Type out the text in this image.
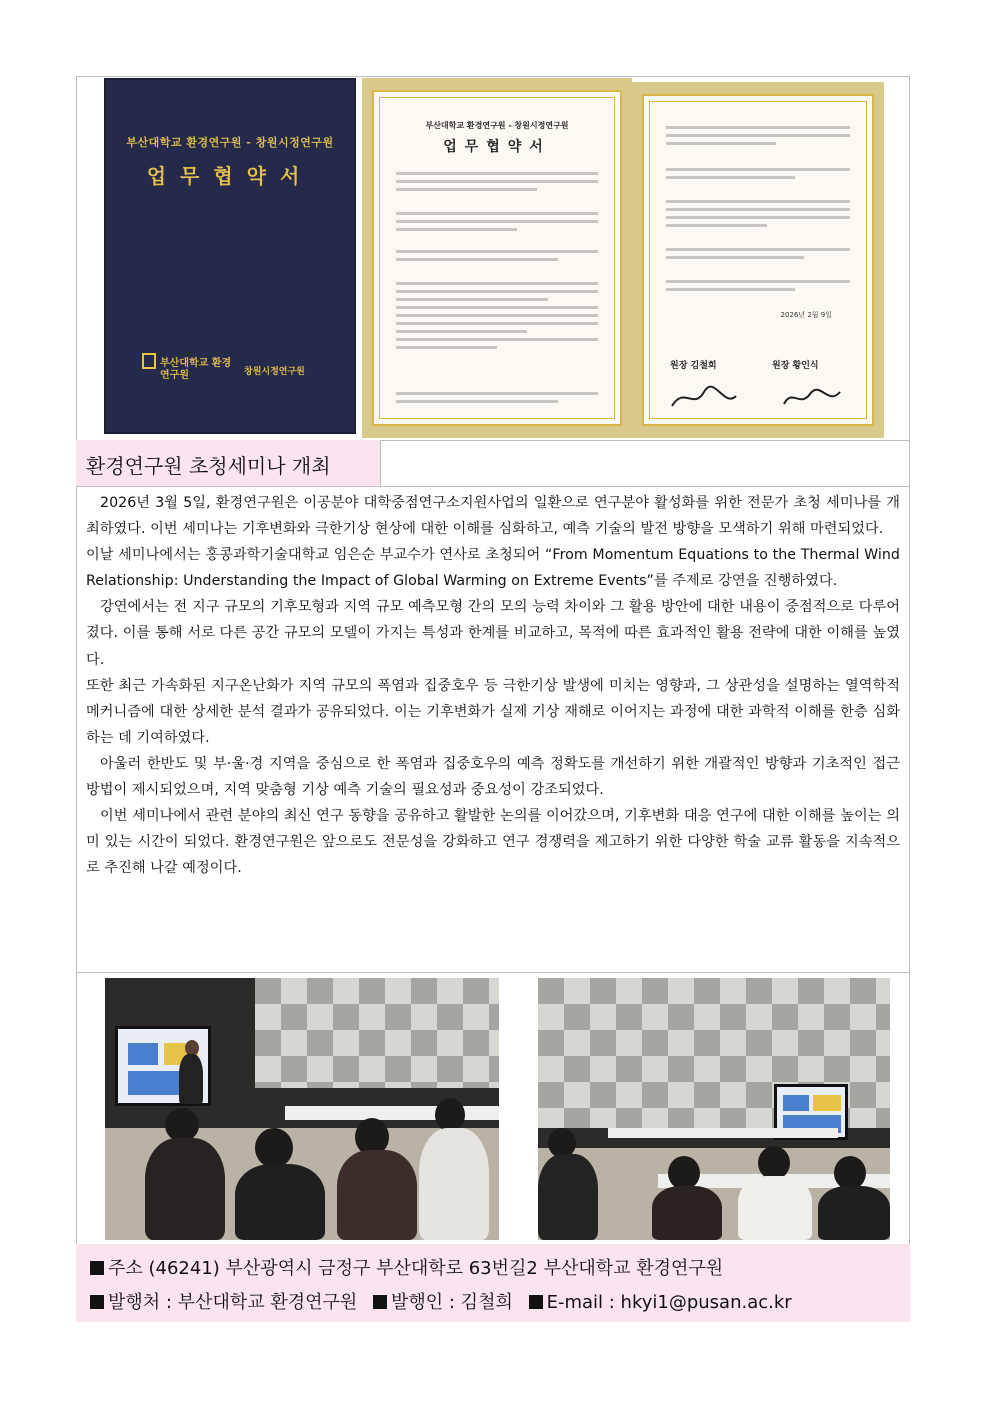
부산대학교 환경연구원 - 창원시정연구원
업무협약서
부산대학교 환경연구원	창원시정연구원
부산대학교 환경연구원 - 창원시정연구원
업무협약서
2026년 2월 9일
원장 김철희	원장 황인식
환경연구원 초청세미나 개최

2026년 3월 5일, 환경연구원은 이공분야 대학중점연구소지원사업의 일환으로 연구분야 활성화를 위한 전문가 초청 세미나를 개최하였다. 이번 세미나는 기후변화와 극한기상 현상에 대한 이해를 심화하고, 예측 기술의 발전 방향을 모색하기 위해 마련되었다.

이날 세미나에서는 홍콩과학기술대학교 임은순 부교수가 연사로 초청되어 “From Momentum Equations to the Thermal Wind Relationship: Understanding the Impact of Global Warming on Extreme Events”를 주제로 강연을 진행하였다.

강연에서는 전 지구 규모의 기후모형과 지역 규모 예측모형 간의 모의 능력 차이와 그 활용 방안에 대한 내용이 중점적으로 다루어졌다. 이를 통해 서로 다른 공간 규모의 모델이 가지는 특성과 한계를 비교하고, 목적에 따른 효과적인 활용 전략에 대한 이해를 높였다.

또한 최근 가속화된 지구온난화가 지역 규모의 폭염과 집중호우 등 극한기상 발생에 미치는 영향과, 그 상관성을 설명하는 열역학적 메커니즘에 대한 상세한 분석 결과가 공유되었다. 이는 기후변화가 실제 기상 재해로 이어지는 과정에 대한 과학적 이해를 한층 심화하는 데 기여하였다.

아울러 한반도 및 부·울·경 지역을 중심으로 한 폭염과 집중호우의 예측 정확도를 개선하기 위한 개괄적인 방향과 기초적인 접근 방법이 제시되었으며, 지역 맞춤형 기상 예측 기술의 필요성과 중요성이 강조되었다.

이번 세미나에서 관련 분야의 최신 연구 동향을 공유하고 활발한 논의를 이어갔으며, 기후변화 대응 연구에 대한 이해를 높이는 의미 있는 시간이 되었다. 환경연구원은 앞으로도 전문성을 강화하고 연구 경쟁력을 제고하기 위한 다양한 학술 교류 활동을 지속적으로 추진해 나갈 예정이다.

주소 (46241) 부산광역시 금정구 부산대학로 63번길2 부산대학교 환경연구원
발행처 : 부산대학교 환경연구원 발행인 : 김철희 E-mail : hkyi1@pusan.ac.kr
